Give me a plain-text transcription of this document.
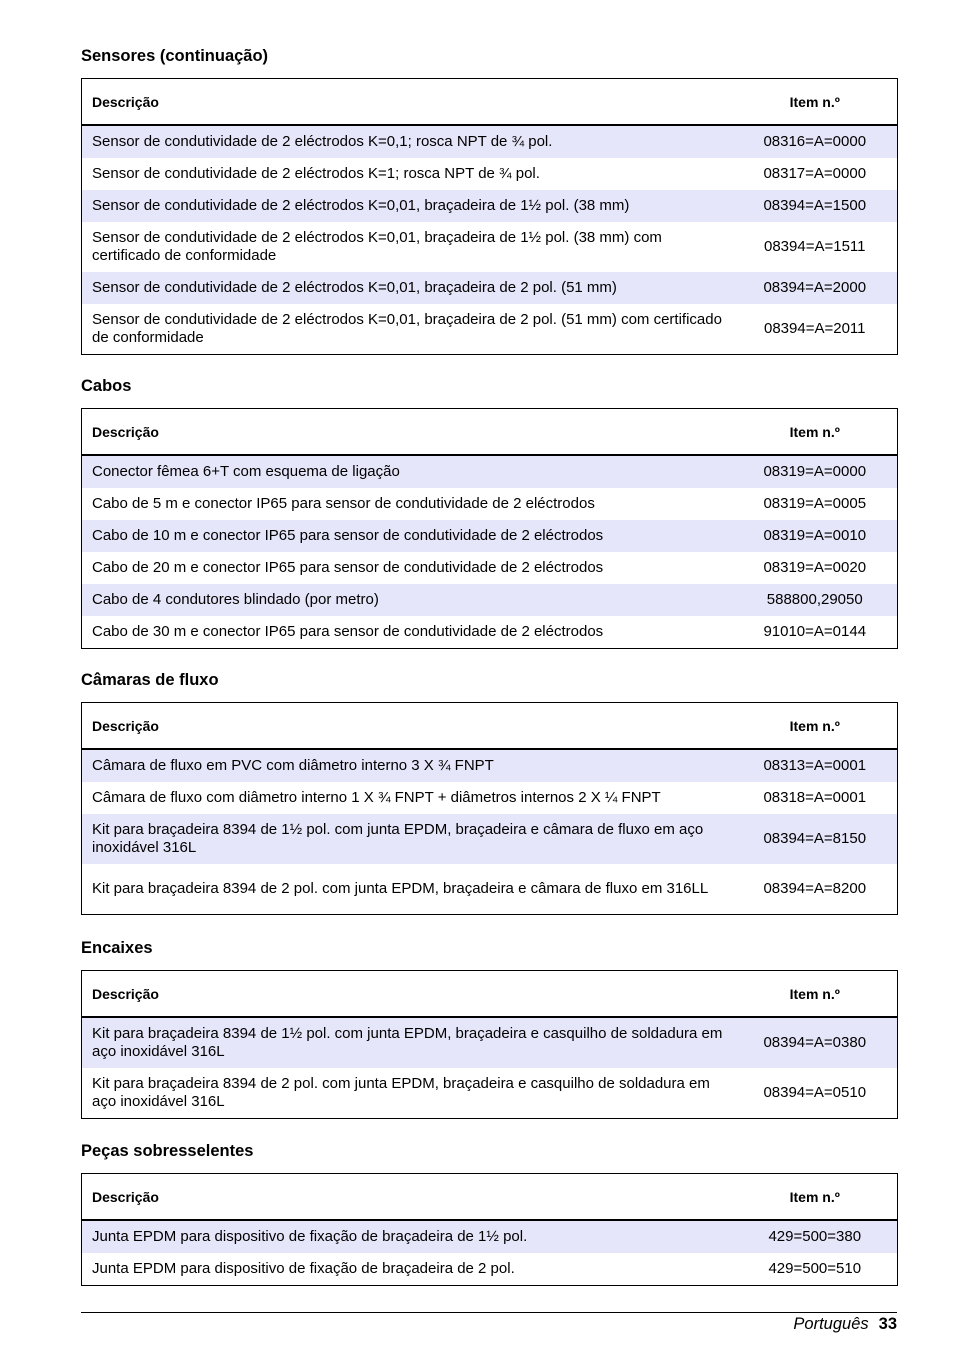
Sensores (continuação)
Descrição	Item n.º
Sensor de condutividade de 2 eléctrodos K=0,1; rosca NPT de ¾ pol.	08316=A=0000
Sensor de condutividade de 2 eléctrodos K=1; rosca NPT de ¾ pol.	08317=A=0000
Sensor de condutividade de 2 eléctrodos K=0,01, braçadeira de 1½ pol. (38 mm)	08394=A=1500
Sensor de condutividade de 2 eléctrodos K=0,01, braçadeira de 1½ pol. (38 mm) com certificado de conformidade	08394=A=1511
Sensor de condutividade de 2 eléctrodos K=0,01, braçadeira de 2 pol. (51 mm)	08394=A=2000
Sensor de condutividade de 2 eléctrodos K=0,01, braçadeira de 2 pol. (51 mm) com certificado de conformidade	08394=A=2011
Cabos
Descrição	Item n.º
Conector fêmea 6+T com esquema de ligação	08319=A=0000
Cabo de 5 m e conector IP65 para sensor de condutividade de 2 eléctrodos	08319=A=0005
Cabo de 10 m e conector IP65 para sensor de condutividade de 2 eléctrodos	08319=A=0010
Cabo de 20 m e conector IP65 para sensor de condutividade de 2 eléctrodos	08319=A=0020
Cabo de 4 condutores blindado (por metro)	588800,29050
Cabo de 30 m e conector IP65 para sensor de condutividade de 2 eléctrodos	91010=A=0144
Câmaras de fluxo
Descrição	Item n.º
Câmara de fluxo em PVC com diâmetro interno 3 X ¾ FNPT	08313=A=0001
Câmara de fluxo com diâmetro interno 1 X ¾ FNPT + diâmetros internos 2 X ¼ FNPT	08318=A=0001
Kit para braçadeira 8394 de 1½ pol. com junta EPDM, braçadeira e câmara de fluxo em aço inoxidável 316L	08394=A=8150
Kit para braçadeira 8394 de 2 pol. com junta EPDM, braçadeira e câmara de fluxo em 316LL	08394=A=8200
Encaixes
Descrição	Item n.º
Kit para braçadeira 8394 de 1½ pol. com junta EPDM, braçadeira e casquilho de soldadura em aço inoxidável 316L	08394=A=0380
Kit para braçadeira 8394 de 2 pol. com junta EPDM, braçadeira e casquilho de soldadura em aço inoxidável 316L	08394=A=0510
Peças sobresselentes
Descrição	Item n.º
Junta EPDM para dispositivo de fixação de braçadeira de 1½ pol.	429=500=380
Junta EPDM para dispositivo de fixação de braçadeira de 2 pol.	429=500=510
Português 33
